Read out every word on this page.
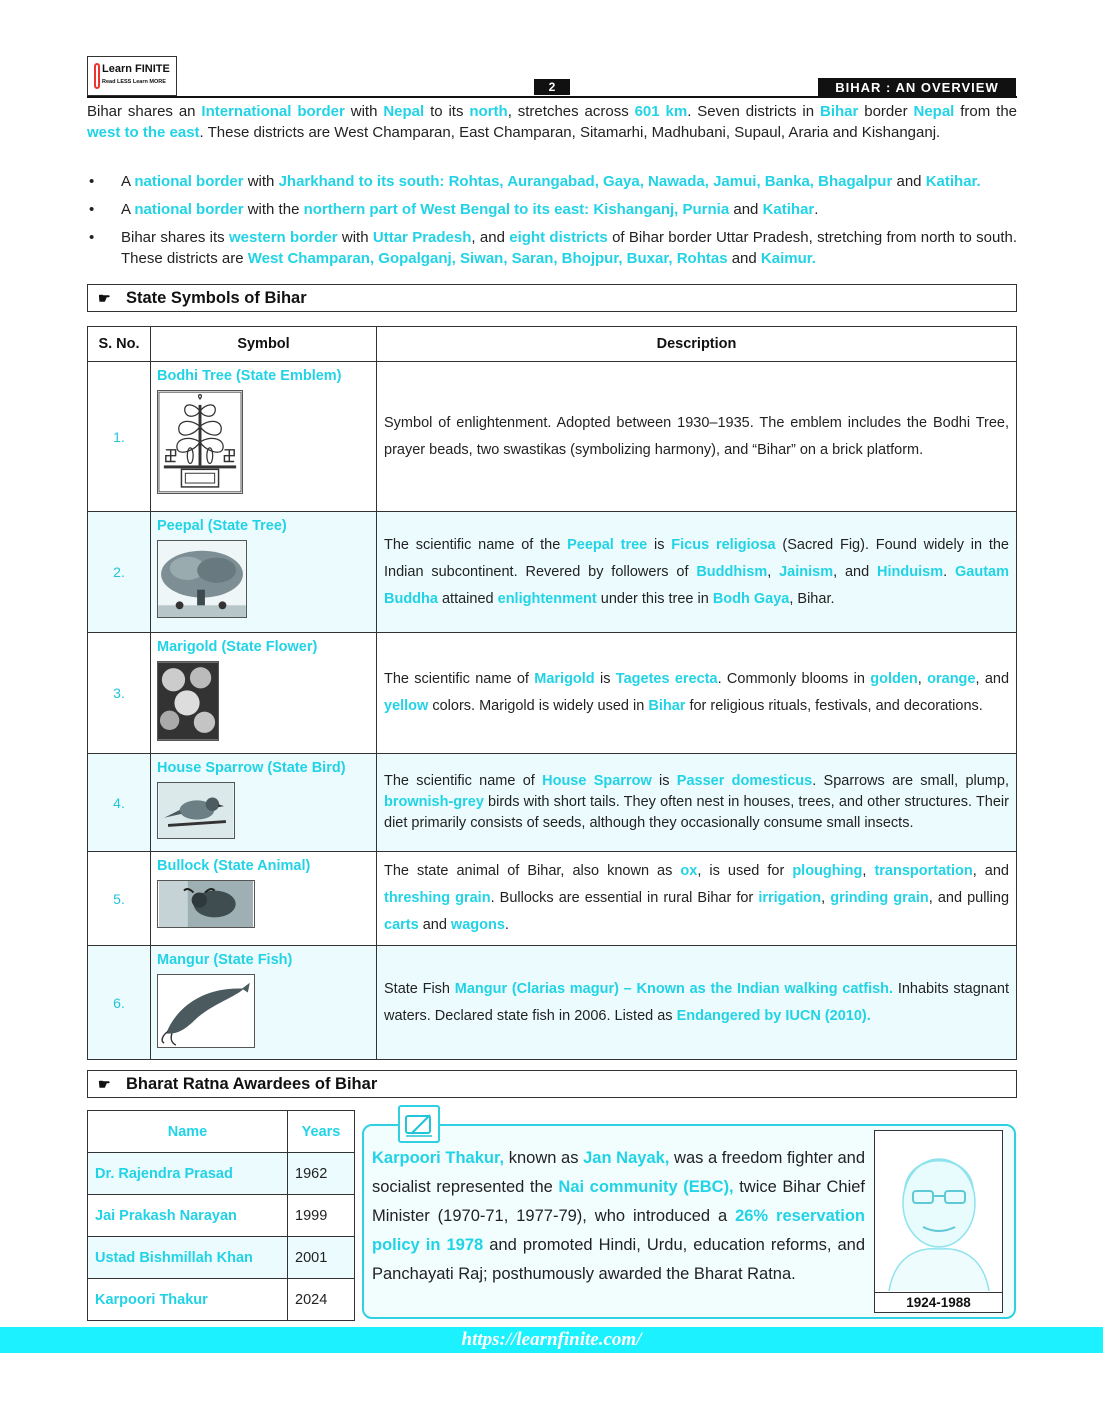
Learn FINITE
Read LESS Learn MORE	2	BIHAR : AN OVERVIEW

Bihar shares an International border with Nepal to its north, stretches across 601 km. Seven districts in Bihar border Nepal from the west to the east. These districts are West Champaran, East Champaran, Sitamarhi, Madhubani, Supaul, Araria and Kishanganj.

• A national border with Jharkhand to its south: Rohtas, Aurangabad, Gaya, Nawada, Jamui, Banka, Bhagalpur and Katihar.
• A national border with the northern part of West Bengal to its east: Kishanganj, Purnia and Katihar.
• Bihar shares its western border with Uttar Pradesh, and eight districts of Bihar border Uttar Pradesh, stretching from north to south. These districts are West Champaran, Gopalganj, Siwan, Saran, Bhojpur, Buxar, Rohtas and Kaimur.
☛ State Symbols of Bihar
S. No.	Symbol	Description
1.	Bodhi Tree (State Emblem)	Symbol of enlightenment. Adopted between 1930–1935. The emblem includes the Bodhi Tree, prayer beads, two swastikas (symbolizing harmony), and “Bihar” on a brick platform.
2.	Peepal (State Tree)	The scientific name of the Peepal tree is Ficus religiosa (Sacred Fig). Found widely in the Indian subcontinent. Revered by followers of Buddhism, Jainism, and Hinduism. Gautam Buddha attained enlightenment under this tree in Bodh Gaya, Bihar.
3.	Marigold (State Flower)	The scientific name of Marigold is Tagetes erecta. Commonly blooms in golden, orange, and yellow colors. Marigold is widely used in Bihar for religious rituals, festivals, and decorations.
4.	House Sparrow (State Bird)	The scientific name of House Sparrow is Passer domesticus. Sparrows are small, plump, brownish-grey birds with short tails. They often nest in houses, trees, and other structures. Their diet primarily consists of seeds, although they occasionally consume small insects.
5.	Bullock (State Animal)	The state animal of Bihar, also known as ox, is used for ploughing, transportation, and threshing grain. Bullocks are essential in rural Bihar for irrigation, grinding grain, and pulling carts and wagons.
6.	Mangur (State Fish)	State Fish Mangur (Clarias magur) – Known as the Indian walking catfish. Inhabits stagnant waters. Declared state fish in 2006. Listed as Endangered by IUCN (2010).
☛ Bharat Ratna Awardees of Bihar
Name	Years
Dr. Rajendra Prasad	1962
Jai Prakash Narayan	1999
Ustad Bishmillah Khan	2001
Karpoori Thakur	2024

Karpoori Thakur, known as Jan Nayak, was a freedom fighter and socialist represented the Nai community (EBC), twice Bihar Chief Minister (1970-71, 1977-79), who introduced a 26% reservation policy in 1978 and promoted Hindi, Urdu, education reforms, and Panchayati Raj; posthumously awarded the Bharat Ratna.

1924-1988
https://learnfinite.com/
